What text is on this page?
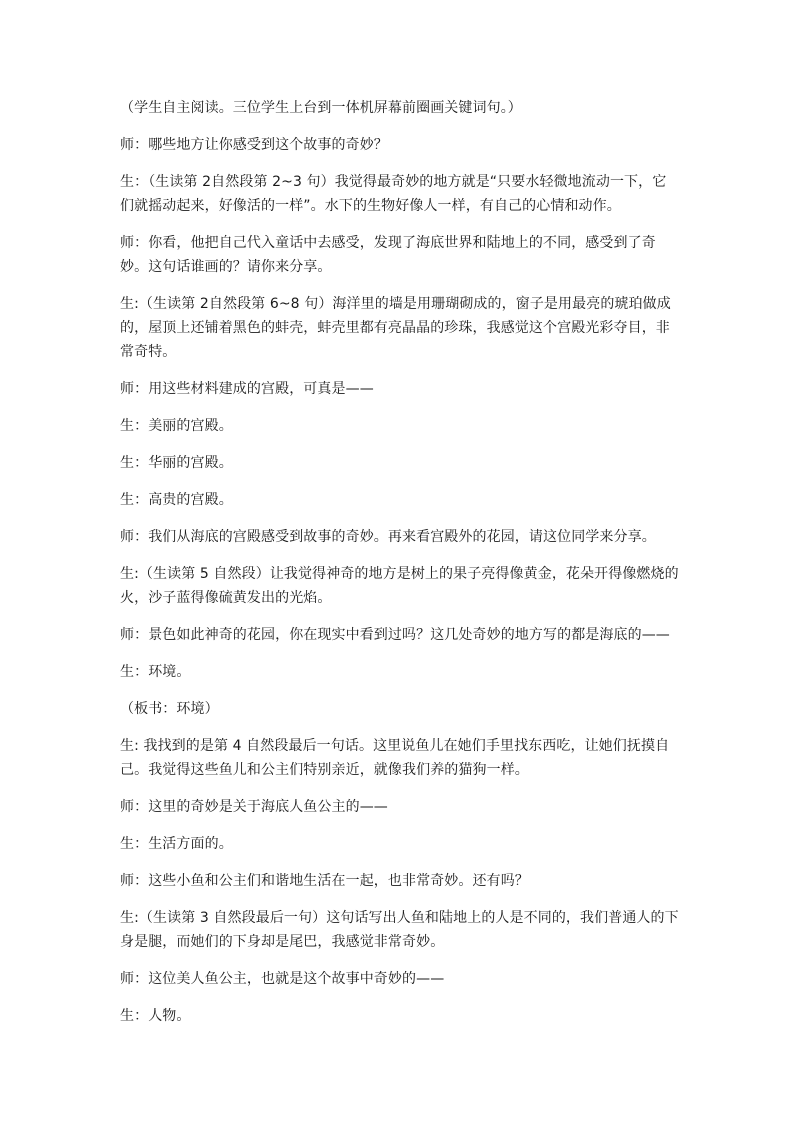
（学生自主阅读。三位学生上台到一体机屏幕前圈画关键词句。）

师：哪些地方让你感受到这个故事的奇妙？

生：（生读第 2自然段第 2~3 句）我觉得最奇妙的地方就是“只要水轻微地流动一下，它们就摇动起来，好像活的一样”。水下的生物好像人一样，有自己的心情和动作。

师：你看，他把自己代入童话中去感受，发现了海底世界和陆地上的不同，感受到了奇妙。这句话谁画的？请你来分享。

生:（生读第 2自然段第 6~8 句）海洋里的墙是用珊瑚砌成的，窗子是用最亮的琥珀做成的，屋顶上还铺着黑色的蚌壳，蚌壳里都有亮晶晶的珍珠，我感觉这个宫殿光彩夺目，非常奇特。

师：用这些材料建成的宫殿，可真是——

生：美丽的宫殿。

生：华丽的宫殿。

生：高贵的宫殿。

师：我们从海底的宫殿感受到故事的奇妙。再来看宫殿外的花园，请这位同学来分享。

生:（生读第 5 自然段）让我觉得神奇的地方是树上的果子亮得像黄金，花朵开得像燃烧的火，沙子蓝得像硫黄发出的光焰。

师：景色如此神奇的花园，你在现实中看到过吗？这几处奇妙的地方写的都是海底的——

生：环境。

（板书：环境）

生: 我找到的是第 4 自然段最后一句话。这里说鱼儿在她们手里找东西吃，让她们抚摸自己。我觉得这些鱼儿和公主们特别亲近，就像我们养的猫狗一样。

师：这里的奇妙是关于海底人鱼公主的——

生：生活方面的。

师：这些小鱼和公主们和谐地生活在一起，也非常奇妙。还有吗？

生:（生读第 3 自然段最后一句）这句话写出人鱼和陆地上的人是不同的，我们普通人的下身是腿，而她们的下身却是尾巴，我感觉非常奇妙。

师：这位美人鱼公主，也就是这个故事中奇妙的——

生：人物。
